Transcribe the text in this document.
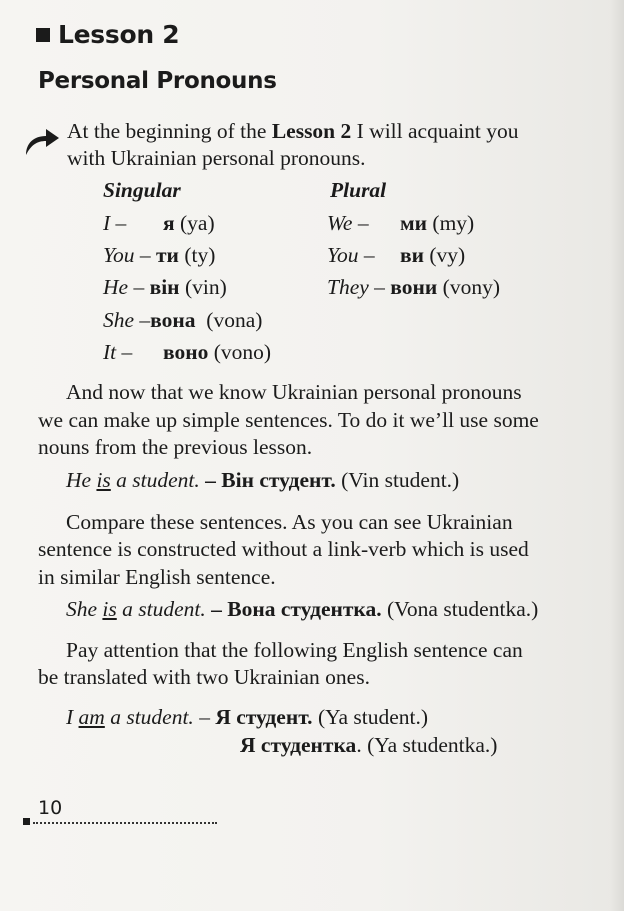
Lesson 2
Personal Pronouns
At the beginning of the Lesson 2 I will acquaint you
with Ukrainian personal pronouns.
Singular	Plural
I – я (ya)
You – ти (ty)
He – він (vin)
She –вона (vona)
It – воно (vono)
We – ми (my)
You – ви (vy)
They – вони (vony)
And now that we know Ukrainian personal pronouns
we can make up simple sentences. To do it we’ll use some
nouns from the previous lesson.
He is a student. – Він студент. (Vin student.)
Compare these sentences. As you can see Ukrainian
sentence is constructed without a link-verb which is used
in similar English sentence.
She is a student. – Вона студентка. (Vona studentka.)
Pay attention that the following English sentence can
be translated with two Ukrainian ones.
I am a student. – Я студент. (Ya student.)
Я студентка. (Ya studentka.)
10
